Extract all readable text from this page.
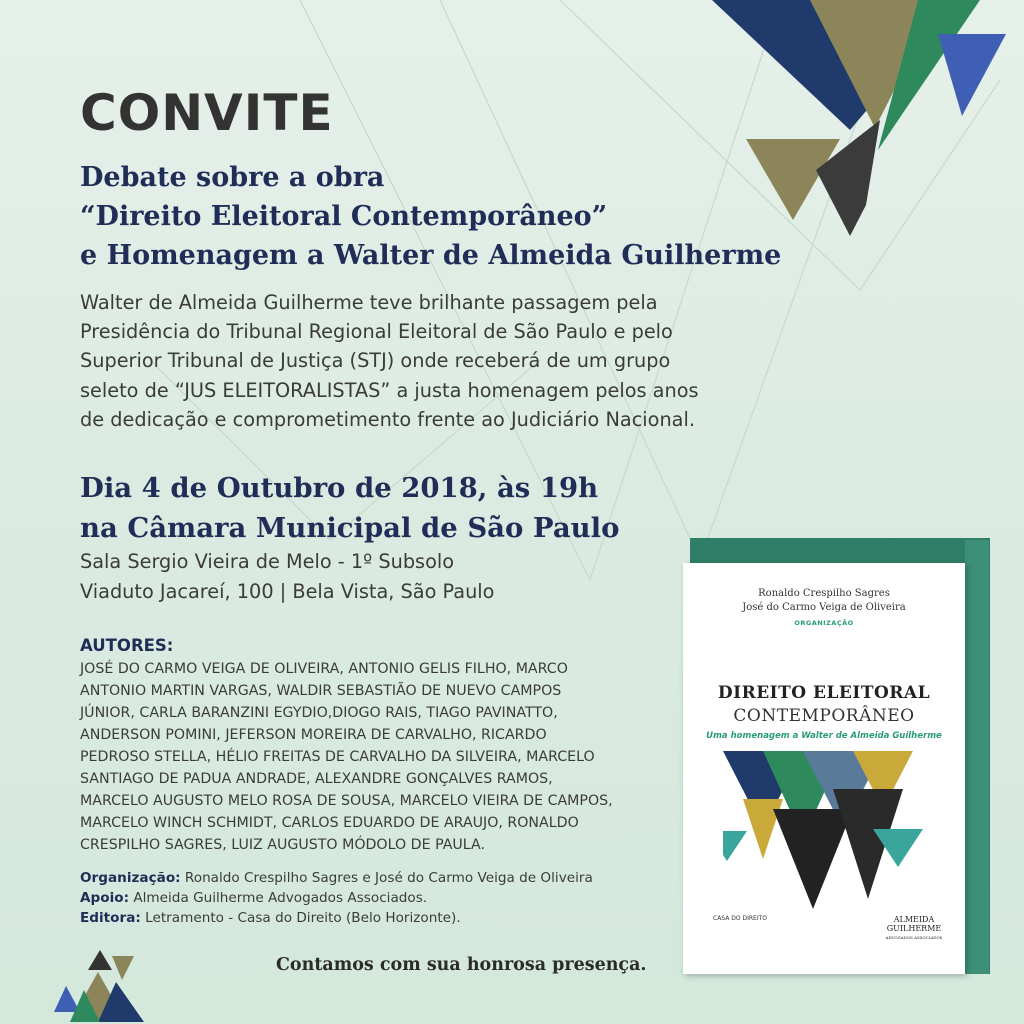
CONVITE
Debate sobre a obra
“Direito Eleitoral Contemporâneo”
e Homenagem a Walter de Almeida Guilherme
Walter de Almeida Guilherme teve brilhante passagem pela
Presidência do Tribunal Regional Eleitoral de São Paulo e pelo
Superior Tribunal de Justiça (STJ) onde receberá de um grupo
seleto de “JUS ELEITORALISTAS” a justa homenagem pelos anos
de dedicação e comprometimento frente ao Judiciário Nacional.
Dia 4 de Outubro de 2018, às 19h
na Câmara Municipal de São Paulo
Sala Sergio Vieira de Melo - 1º Subsolo
Viaduto Jacareí, 100 | Bela Vista, São Paulo
AUTORES:
JOSÉ DO CARMO VEIGA DE OLIVEIRA, ANTONIO GELIS FILHO, MARCO
ANTONIO MARTIN VARGAS, WALDIR SEBASTIÃO DE NUEVO CAMPOS
JÚNIOR, CARLA BARANZINI EGYDIO,DIOGO RAIS, TIAGO PAVINATTO,
ANDERSON POMINI, JEFERSON MOREIRA DE CARVALHO, RICARDO
PEDROSO STELLA, HÉLIO FREITAS DE CARVALHO DA SILVEIRA, MARCELO
SANTIAGO DE PADUA ANDRADE, ALEXANDRE GONÇALVES RAMOS,
MARCELO AUGUSTO MELO ROSA DE SOUSA, MARCELO VIEIRA DE CAMPOS,
MARCELO WINCH SCHMIDT, CARLOS EDUARDO DE ARAUJO, RONALDO
CRESPILHO SAGRES, LUIZ AUGUSTO MÓDOLO DE PAULA.
Organização: Ronaldo Crespilho Sagres e José do Carmo Veiga de Oliveira
Apoio: Almeida Guilherme Advogados Associados.
Editora: Letramento - Casa do Direito (Belo Horizonte).
Contamos com sua honrosa presença.
Ronaldo Crespilho Sagres
José do Carmo Veiga de Oliveira
ORGANIZAÇÃO
DIREITO ELEITORAL
CONTEMPORÂNEO
Uma homenagem a Walter de Almeida Guilherme
CASA DO DIREITO	ALMEIDA
GUILHERME
ADVOGADOS ASSOCIADOS
